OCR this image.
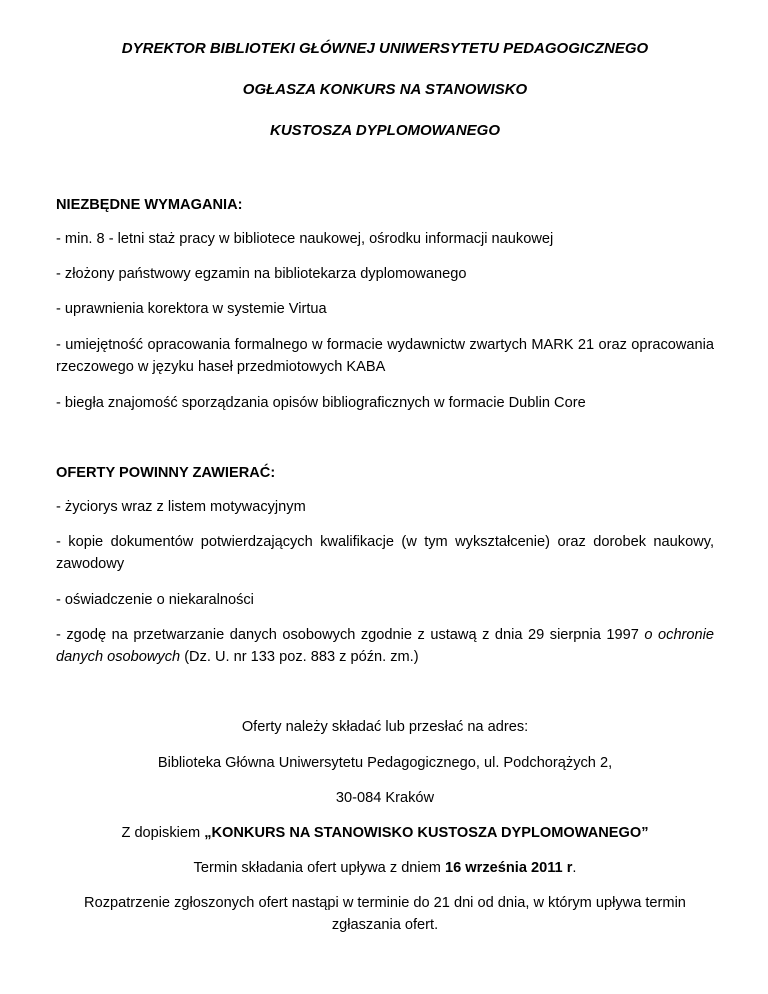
DYREKTOR BIBLIOTEKI GŁÓWNEJ UNIWERSYTETU PEDAGOGICZNEGO

OGŁASZA KONKURS NA STANOWISKO

KUSTOSZA DYPLOMOWANEGO

NIEZBĘDNE WYMAGANIA:

- min. 8 - letni staż pracy w bibliotece naukowej, ośrodku informacji naukowej

- złożony państwowy egzamin na bibliotekarza dyplomowanego

- uprawnienia korektora w systemie Virtua

- umiejętność opracowania formalnego w formacie wydawnictw zwartych MARK 21 oraz opracowania rzeczowego w języku haseł przedmiotowych KABA

- biegła znajomość sporządzania opisów bibliograficznych w formacie Dublin Core

OFERTY POWINNY ZAWIERAĆ:

- życiorys wraz z listem motywacyjnym

- kopie dokumentów potwierdzających kwalifikacje (w tym wykształcenie) oraz dorobek naukowy, zawodowy

- oświadczenie o niekaralności

- zgodę na przetwarzanie danych osobowych zgodnie z ustawą z dnia 29 sierpnia 1997 o ochronie danych osobowych (Dz. U. nr 133 poz. 883 z późn. zm.)

Oferty należy składać lub przesłać na adres:

Biblioteka Główna Uniwersytetu Pedagogicznego, ul. Podchorążych 2,

30-084 Kraków

Z dopiskiem „KONKURS NA STANOWISKO KUSTOSZA DYPLOMOWANEGO”

Termin składania ofert upływa z dniem 16 września 2011 r.

Rozpatrzenie zgłoszonych ofert nastąpi w terminie do 21 dni od dnia, w którym upływa termin zgłaszania ofert.
